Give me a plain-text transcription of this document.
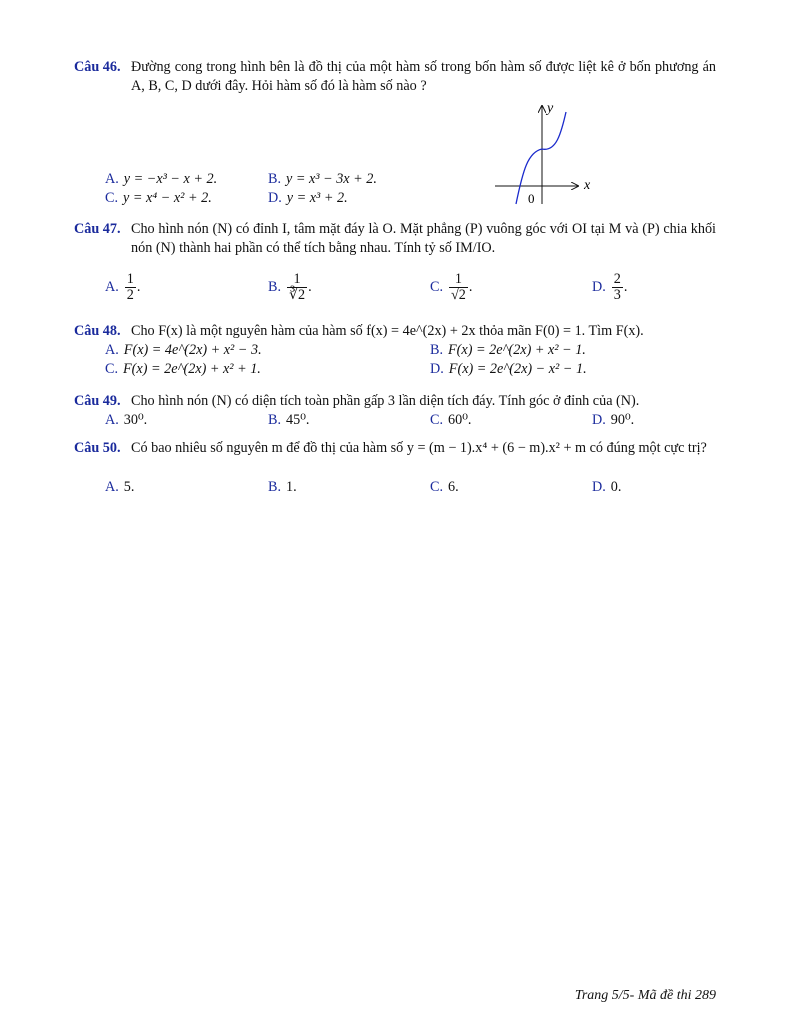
Câu 46. Đường cong trong hình bên là đồ thị của một hàm số trong bốn hàm số được liệt kê ở bốn phương án A, B, C, D dưới đây. Hỏi hàm số đó là hàm số nào ?
A. y = −x³ − x + 2.	B. y = x³ − 3x + 2.
C. y = x⁴ − x² + 2.	D. y = x³ + 2.
x
y
0
Câu 47. Cho hình nón (N) có đỉnh I, tâm mặt đáy là O. Mặt phẳng (P) vuông góc với OI tại M và (P) chia khối nón (N) thành hai phần có thể tích bằng nhau. Tính tỷ số IM/IO.
A. $\frac{1}{2}$ .	B. $\frac{1}{∛2}$ .	C. $\frac{1}{√2}$ .	D. $\frac{2}{3}$ .
Câu 48. Cho F(x) là một nguyên hàm của hàm số f(x) = 4e^(2x) + 2x thỏa mãn F(0) = 1. Tìm F(x).
A. F(x) = 4e^(2x) + x² − 3.	B. F(x) = 2e^(2x) + x² − 1.
C. F(x) = 2e^(2x) + x² + 1.	D. F(x) = 2e^(2x) − x² − 1.
Câu 49. Cho hình nón (N) có diện tích toàn phần gấp 3 lần diện tích đáy. Tính góc ở đỉnh của (N).
A. 30⁰.	B. 45⁰.	C. 60⁰.	D. 90⁰.
Câu 50. Có bao nhiêu số nguyên m để đồ thị của hàm số y = (m − 1).x⁴ + (6 − m).x² + m có đúng một cực trị?
A. 5.	B. 1.	C. 6.	D. 0.
Trang 5/5- Mã đề thi 289
